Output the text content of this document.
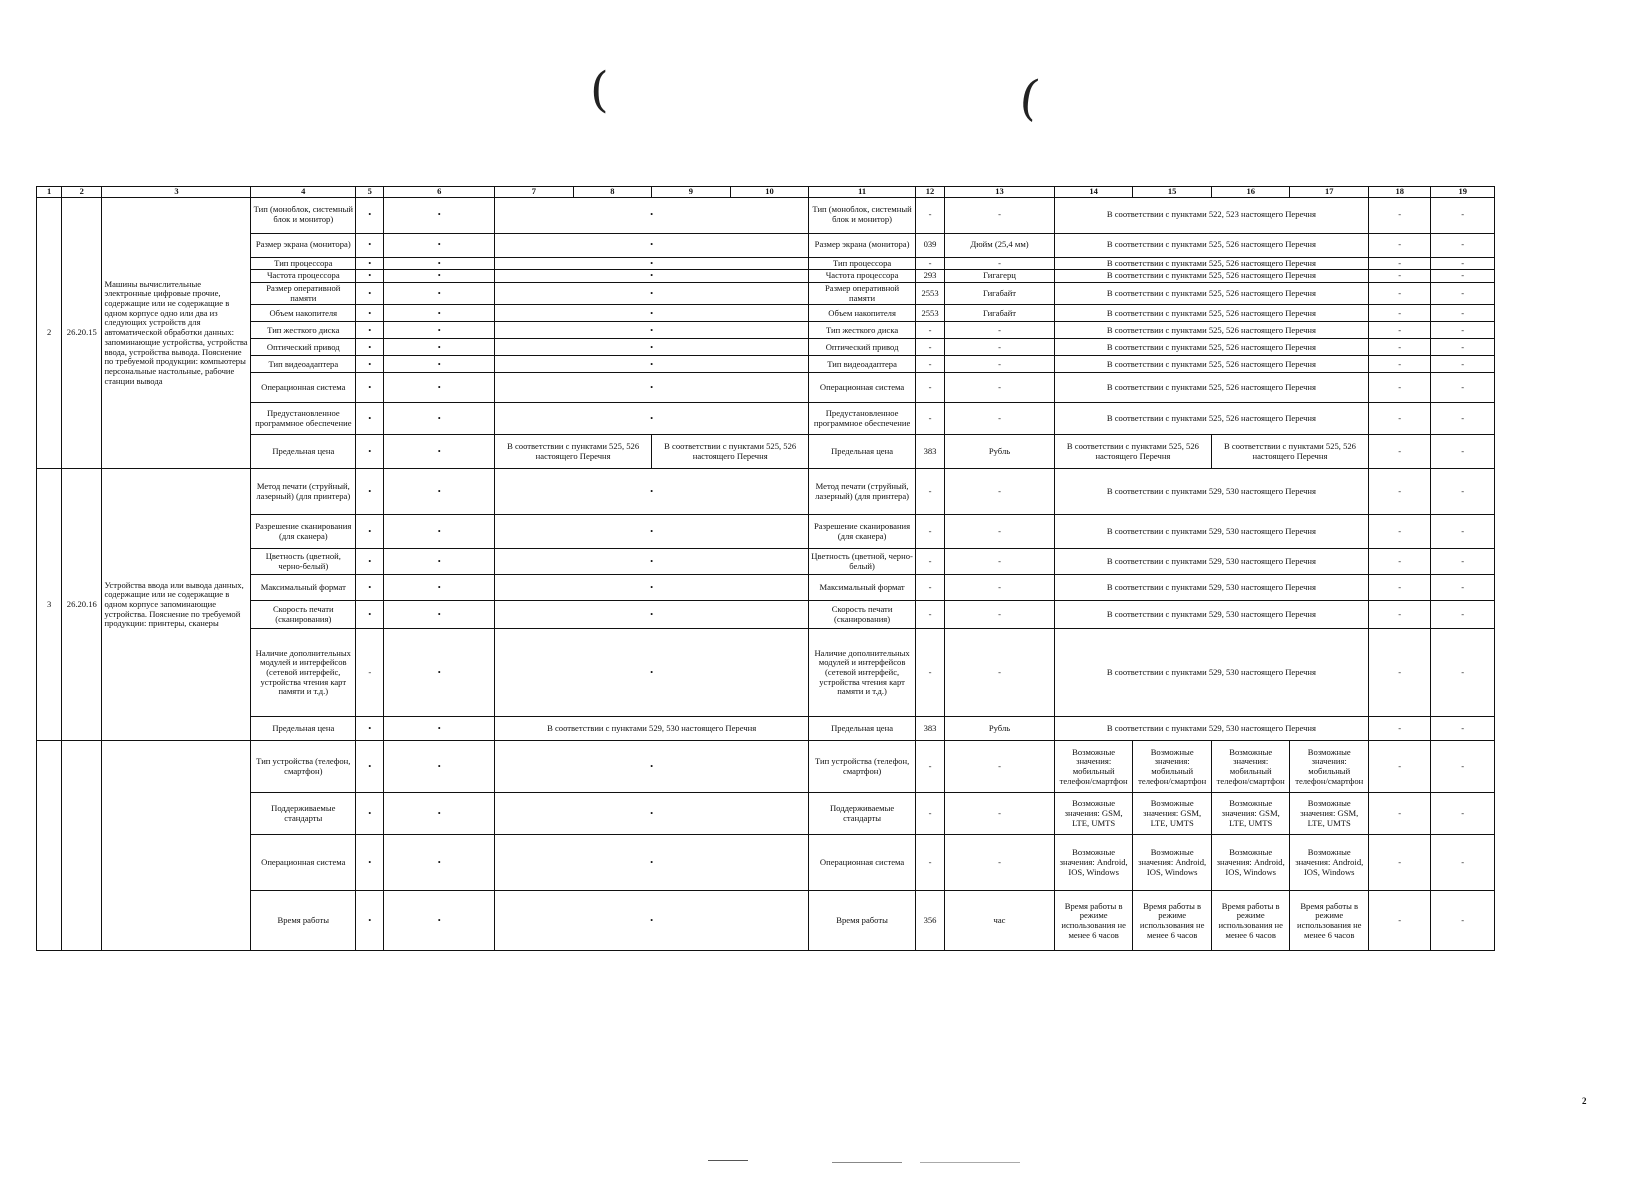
(	(
1	2	3	4	5	6	7	8	9	10	11	12	13	14	15	16	17	18	19
2	26.20.15	Машины вычислительные электронные цифровые прочие, содержащие или не содержащие в одном корпусе одно или два из следующих устройств для автоматической обработки данных: запоминающие устройства, устройства ввода, устройства вывода. Пояснение по требуемой продукции: компьютеры персональные настольные, рабочие станции вывода	Тип (моноблок, системный блок и монитор)	•	•	•				Тип (моноблок, системный блок и монитор)	-	-	В соответствии с пунктами 522, 523 настоящего Перечня				-	-
			Размер экрана (монитора)	•	•	•				Размер экрана (монитора)	039	Дюйм (25,4 мм)	В соответствии с пунктами 525, 526 настоящего Перечня				-	-
			Тип процессора	•	•	•				Тип процессора	-	-	В соответствии с пунктами 525, 526 настоящего Перечня				-	-
			Частота процессора	•	•	•				Частота процессора	293	Гигагерц	В соответствии с пунктами 525, 526 настоящего Перечня				-	-
			Размер оперативной памяти	•	•	•				Размер оперативной памяти	2553	Гигабайт	В соответствии с пунктами 525, 526 настоящего Перечня				-	-
			Объем накопителя	•	•	•				Объем накопителя	2553	Гигабайт	В соответствии с пунктами 525, 526 настоящего Перечня				-	-
			Тип жесткого диска	•	•	•				Тип жесткого диска	-	-	В соответствии с пунктами 525, 526 настоящего Перечня				-	-
			Оптический привод	•	•	•				Оптический привод	-	-	В соответствии с пунктами 525, 526 настоящего Перечня				-	-
			Тип видеоадаптера	•	•	•				Тип видеоадаптера	-	-	В соответствии с пунктами 525, 526 настоящего Перечня				-	-
			Операционная система	•	•	•				Операционная система	-	-	В соответствии с пунктами 525, 526 настоящего Перечня				-	-
			Предустановленное программное обеспечение	•	•	•				Предустановленное программное обеспечение	-	-	В соответствии с пунктами 525, 526 настоящего Перечня				-	-
			Предельная цена	•	•	В соответствии с пунктами 525, 526 настоящего Перечня		В соответствии с пунктами 525, 526 настоящего Перечня		Предельная цена	383	Рубль	В соответствии с пунктами 525, 526 настоящего Перечня		В соответствии с пунктами 525, 526 настоящего Перечня		-	-
3	26.20.16	Устройства ввода или вывода данных, содержащие или не содержащие в одном корпусе запоминающие устройства. Пояснение по требуемой продукции: принтеры, сканеры	Метод печати (струйный, лазерный) (для принтера)	•	•	•				Метод печати (струйный, лазерный) (для принтера)	-	-	В соответствии с пунктами 529, 530 настоящего Перечня				-	-
			Разрешение сканирования (для сканера)	•	•	•				Разрешение сканирования (для сканера)	-	-	В соответствии с пунктами 529, 530 настоящего Перечня				-	-
			Цветность (цветной, черно-белый)	•	•	•				Цветность (цветной, черно-белый)	-	-	В соответствии с пунктами 529, 530 настоящего Перечня				-	-
			Максимальный формат	•	•	•				Максимальный формат	-	-	В соответствии с пунктами 529, 530 настоящего Перечня				-	-
			Скорость печати (сканирования)	•	•	•				Скорость печати (сканирования)	-	-	В соответствии с пунктами 529, 530 настоящего Перечня				-	-
			Наличие дополнительных модулей и интерфейсов (сетевой интерфейс, устройства чтения карт памяти и т.д.)	-	•	•				Наличие дополнительных модулей и интерфейсов (сетевой интерфейс, устройства чтения карт памяти и т.д.)	-	-	В соответствии с пунктами 529, 530 настоящего Перечня				-	-
			Предельная цена	•	•	В соответствии с пунктами 529, 530 настоящего Перечня				Предельная цена	383	Рубль	В соответствии с пунктами 529, 530 настоящего Перечня				-	-
			Тип устройства (телефон, смартфон)	•	•	•				Тип устройства (телефон, смартфон)	-	-	Возможные значения: мобильный телефон/смартфон	Возможные значения: мобильный телефон/смартфон	Возможные значения: мобильный телефон/смартфон	Возможные значения: мобильный телефон/смартфон	-	-
			Поддерживаемые стандарты	•	•	•				Поддерживаемые стандарты	-	-	Возможные значения: GSM, LTE, UMTS	Возможные значения: GSM, LTE, UMTS	Возможные значения: GSM, LTE, UMTS	Возможные значения: GSM, LTE, UMTS	-	-
			Операционная система	•	•	•				Операционная система	-	-	Возможные значения: Android, IOS, Windows	Возможные значения: Android, IOS, Windows	Возможные значения: Android, IOS, Windows	Возможные значения: Android, IOS, Windows	-	-
			Время работы	•	•	•				Время работы	356	час	Время работы в режиме использования не менее 6 часов	Время работы в режиме использования не менее 6 часов	Время работы в режиме использования не менее 6 часов	Время работы в режиме использования не менее 6 часов	-	-
2
